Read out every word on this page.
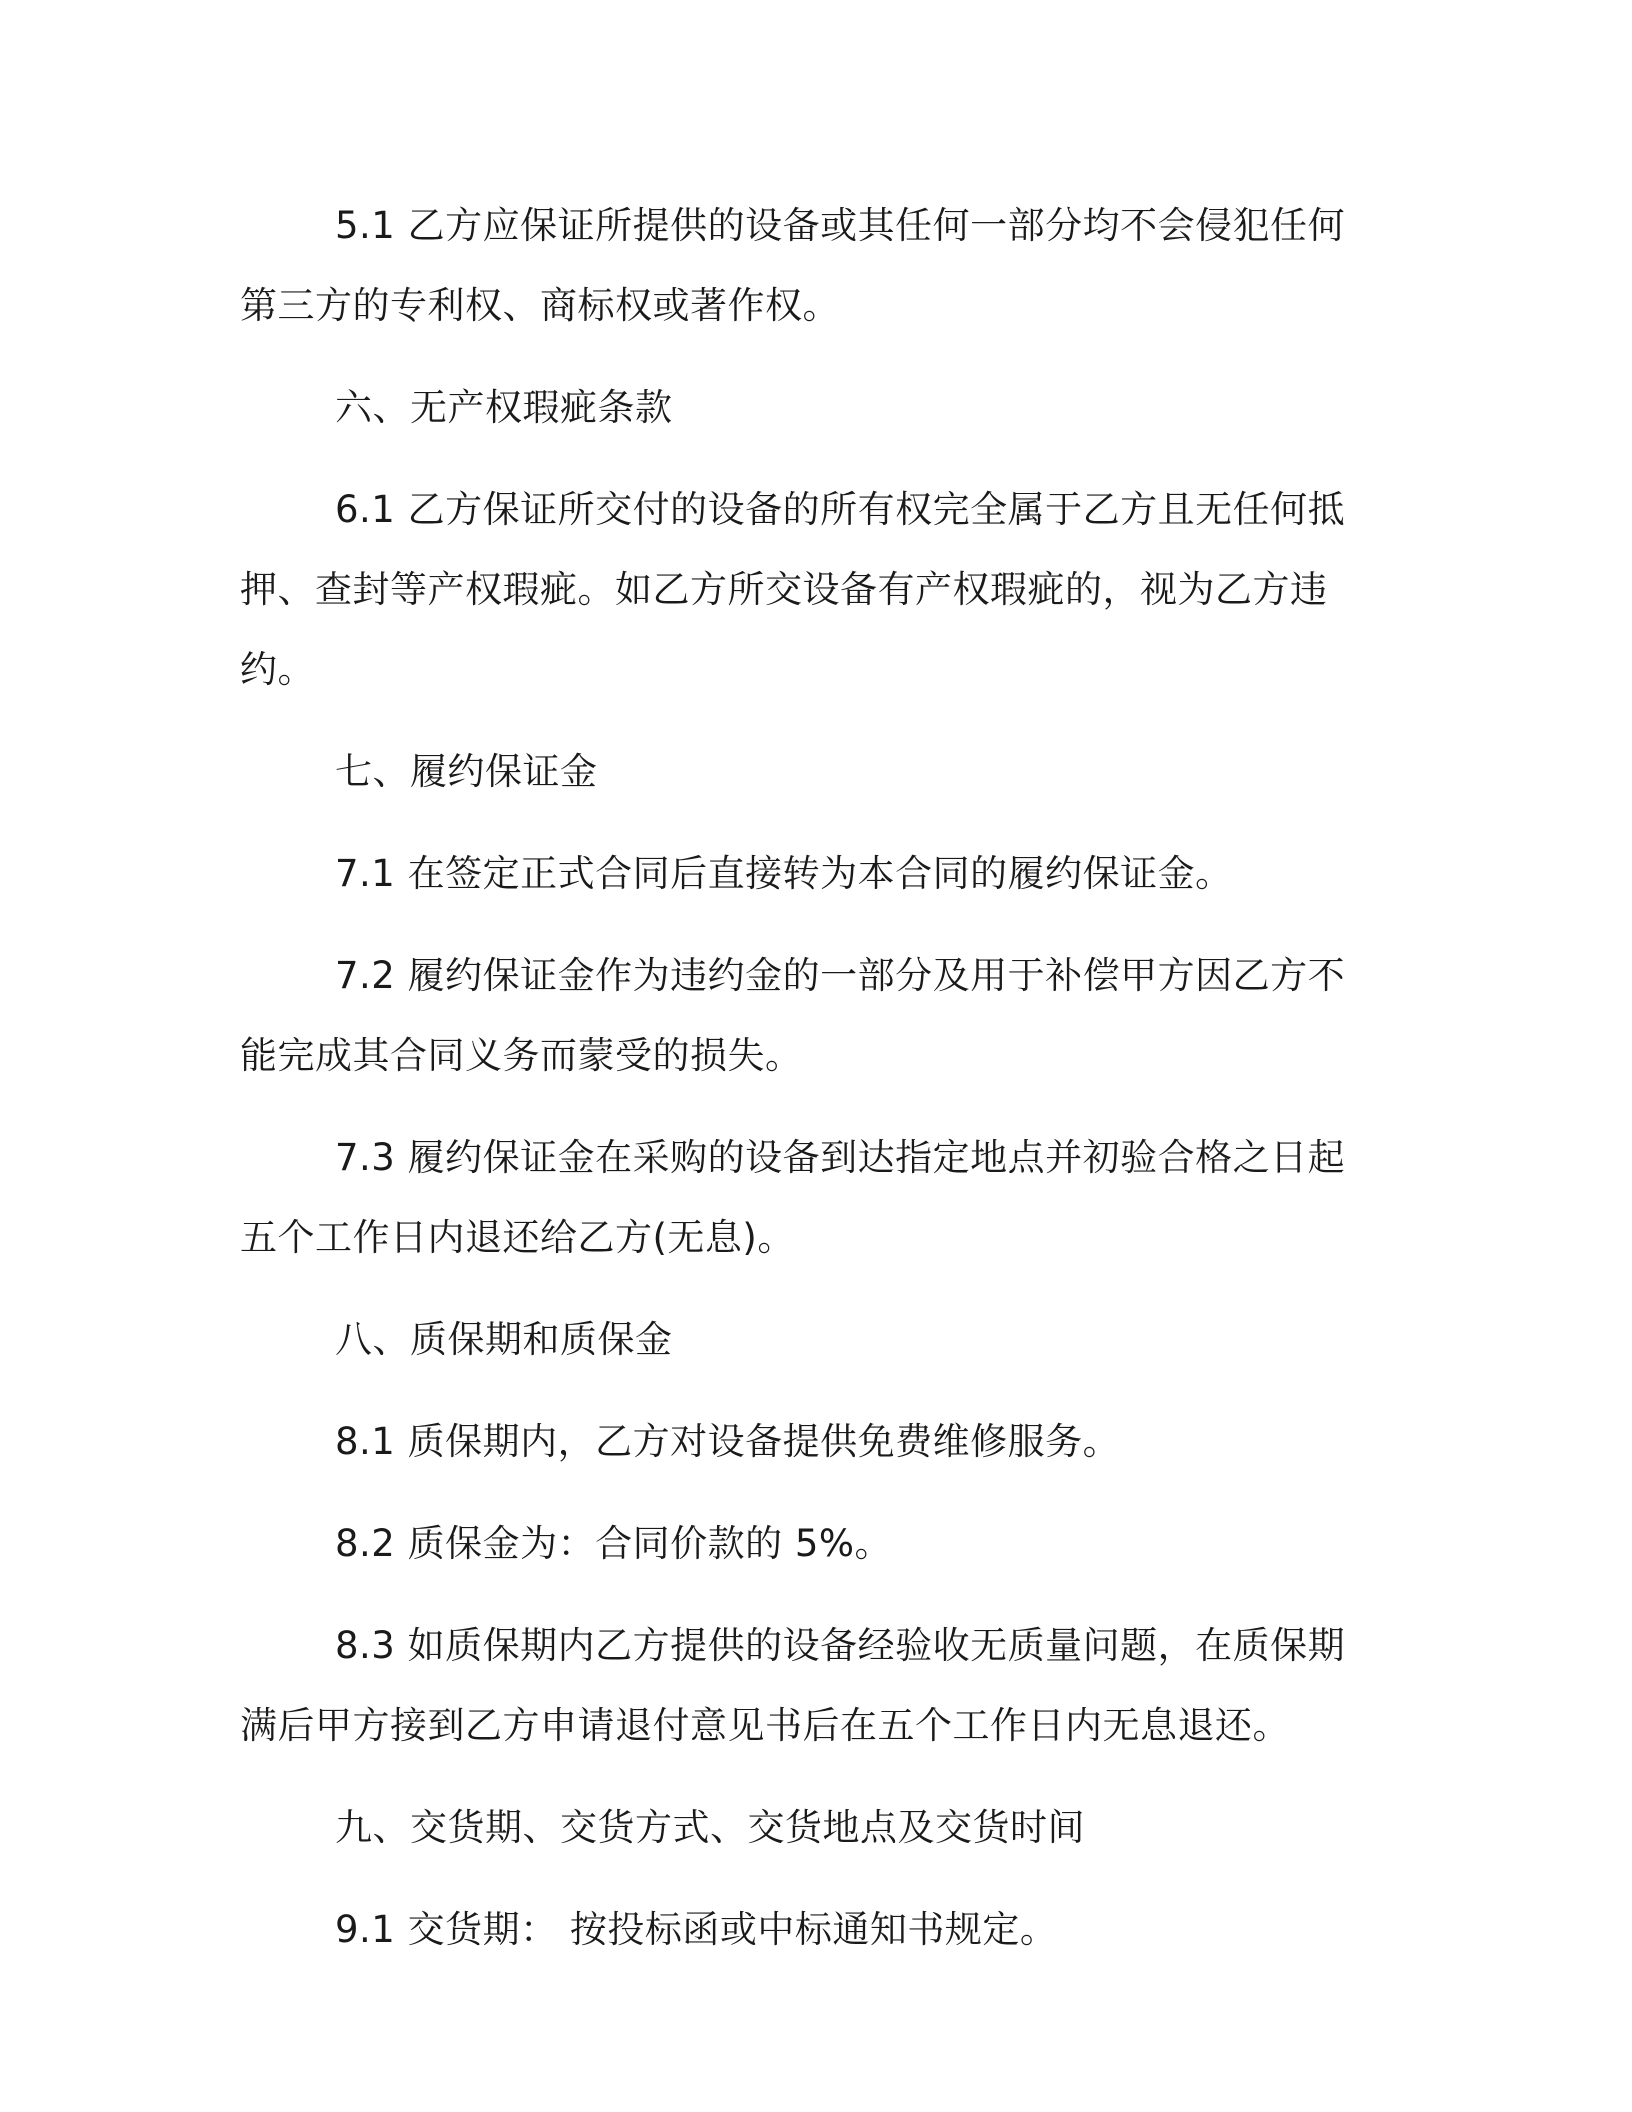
5.1 乙方应保证所提供的设备或其任何一部分均不会侵犯任何第三方的专利权、商标权或著作权。

六、无产权瑕疵条款

6.1 乙方保证所交付的设备的所有权完全属于乙方且无任何抵押、查封等产权瑕疵。如乙方所交设备有产权瑕疵的，视为乙方违约。

七、履约保证金

7.1 在签定正式合同后直接转为本合同的履约保证金。

7.2 履约保证金作为违约金的一部分及用于补偿甲方因乙方不能完成其合同义务而蒙受的损失。

7.3 履约保证金在采购的设备到达指定地点并初验合格之日起五个工作日内退还给乙方(无息)。

八、质保期和质保金

8.1 质保期内，乙方对设备提供免费维修服务。

8.2 质保金为：合同价款的 5%。

8.3 如质保期内乙方提供的设备经验收无质量问题，在质保期满后甲方接到乙方申请退付意见书后在五个工作日内无息退还。

九、交货期、交货方式、交货地点及交货时间

9.1 交货期： 按投标函或中标通知书规定。
